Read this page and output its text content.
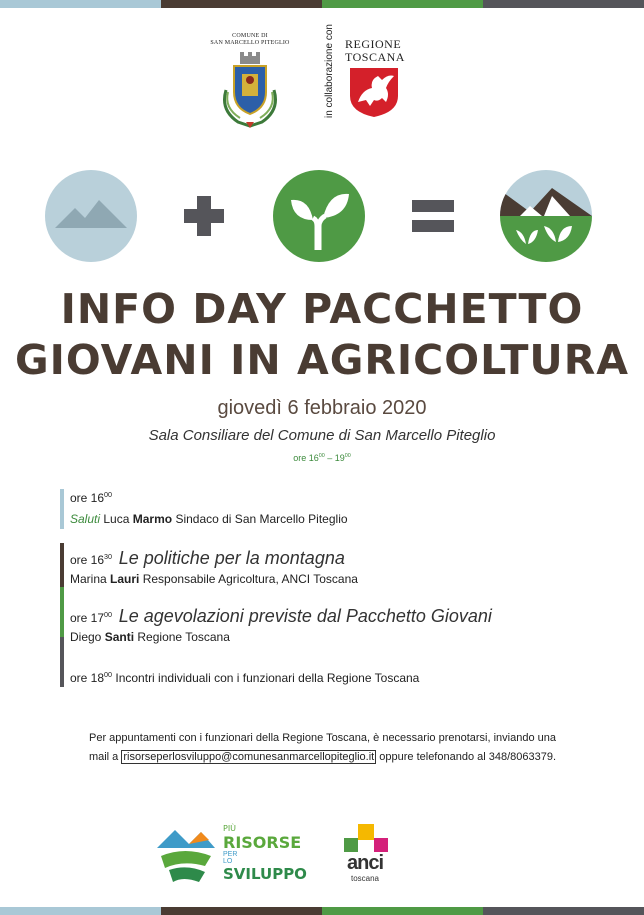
COMUNE DI
SAN MARCELLO PITEGLIO	in collaborazione con REGIONE
TOSCANA
INFO DAY PACCHETTO
GIOVANI IN AGRICOLTURA
giovedì 6 febbraio 2020
Sala Consiliare del Comune di San Marcello Piteglio
ore $16^{00} - 19^{00}$
ore $16^{00}$
Saluti Luca Marmo Sindaco di San Marcello Piteglio
ore $16^{30}$ Le politiche per la montagna
Marina Lauri Responsabile Agricoltura, ANCI Toscana
ore $17^{00}$ Le agevolazioni previste dal Pacchetto Giovani
Diego Santi Regione Toscana
ore $18^{00}$ Incontri individuali con i funzionari della Regione Toscana
Per appuntamenti con i funzionari della Regione Toscana, è necessario prenotarsi, inviando una
mail a risorseperlosviluppo@comunesanmarcellopiteglio.it oppure telefonando al 348/8063379.
PIÙ
RISORSE
PER
LO
SVILUPPO	anci
toscana
